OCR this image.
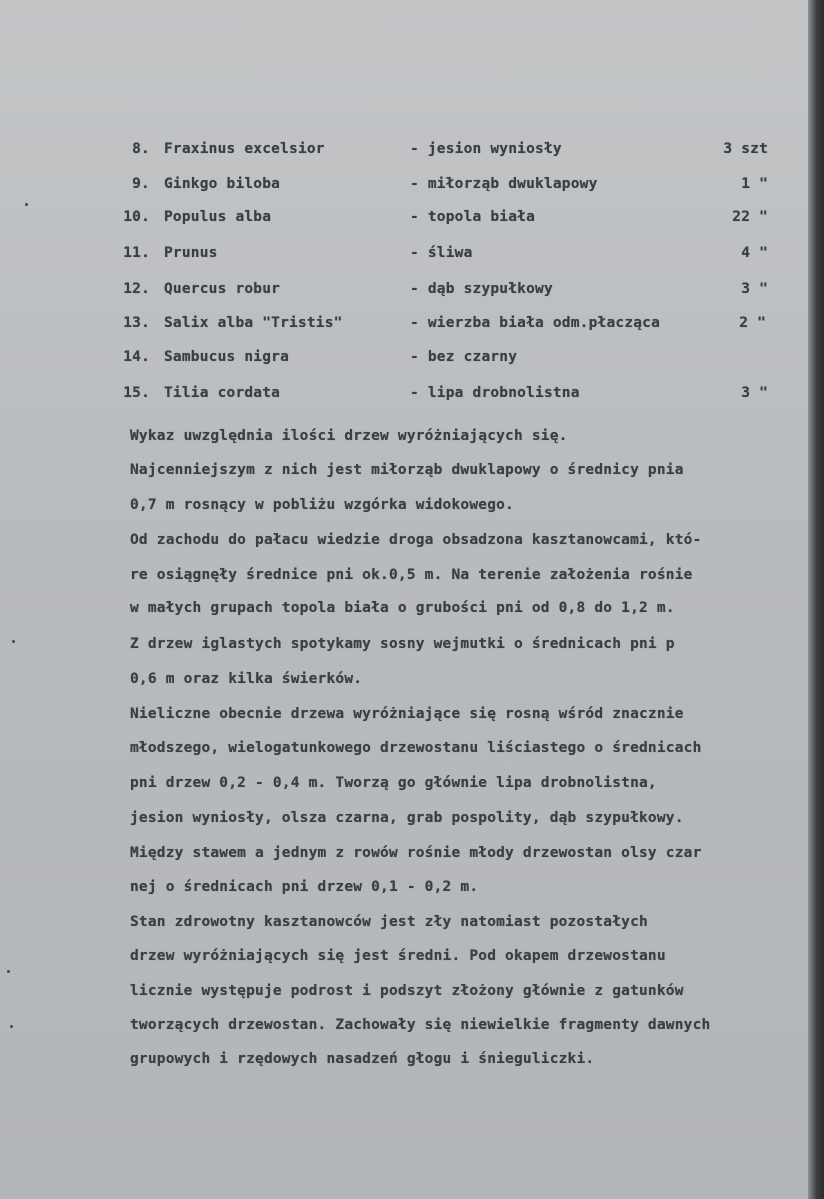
8. Fraxinus excelsior	- jesion wyniosły	3 szt
9. Ginkgo biloba	- miłorząb dwuklapowy	1 "
10. Populus alba	- topola biała	22 "
11. Prunus	- śliwa	4 "
12. Quercus robur	- dąb szypułkowy	3 "
13. Salix alba "Tristis"	- wierzba biała odm.płacząca	2 "
14. Sambucus nigra	- bez czarny
15. Tilia cordata	- lipa drobnolistna	3 "
Wykaz uwzględnia ilości drzew wyróżniających się.
Najcenniejszym z nich jest miłorząb dwuklapowy o średnicy pnia
0,7 m rosnący w pobliżu wzgórka widokowego.
Od zachodu do pałacu wiedzie droga obsadzona kasztanowcami, któ-
re osiągnęły średnice pni ok.0,5 m. Na terenie założenia rośnie
w małych grupach topola biała o grubości pni od 0,8 do 1,2 m.
Z drzew iglastych spotykamy sosny wejmutki o średnicach pni p
0,6 m oraz kilka świerków.
Nieliczne obecnie drzewa wyróżniające się rosną wśród znacznie
młodszego, wielogatunkowego drzewostanu liściastego o średnicach
pni drzew 0,2 - 0,4 m. Tworzą go głównie lipa drobnolistna,
jesion wyniosły, olsza czarna, grab pospolity, dąb szypułkowy.
Między stawem a jednym z rowów rośnie młody drzewostan olsy czar
nej o średnicach pni drzew 0,1 - 0,2 m.
Stan zdrowotny kasztanowców jest zły natomiast pozostałych
drzew wyróżniających się jest średni. Pod okapem drzewostanu
licznie występuje podrost i podszyt złożony głównie z gatunków
tworzących drzewostan. Zachowały się niewielkie fragmenty dawnych
grupowych i rzędowych nasadzeń głogu i śnieguliczki.
